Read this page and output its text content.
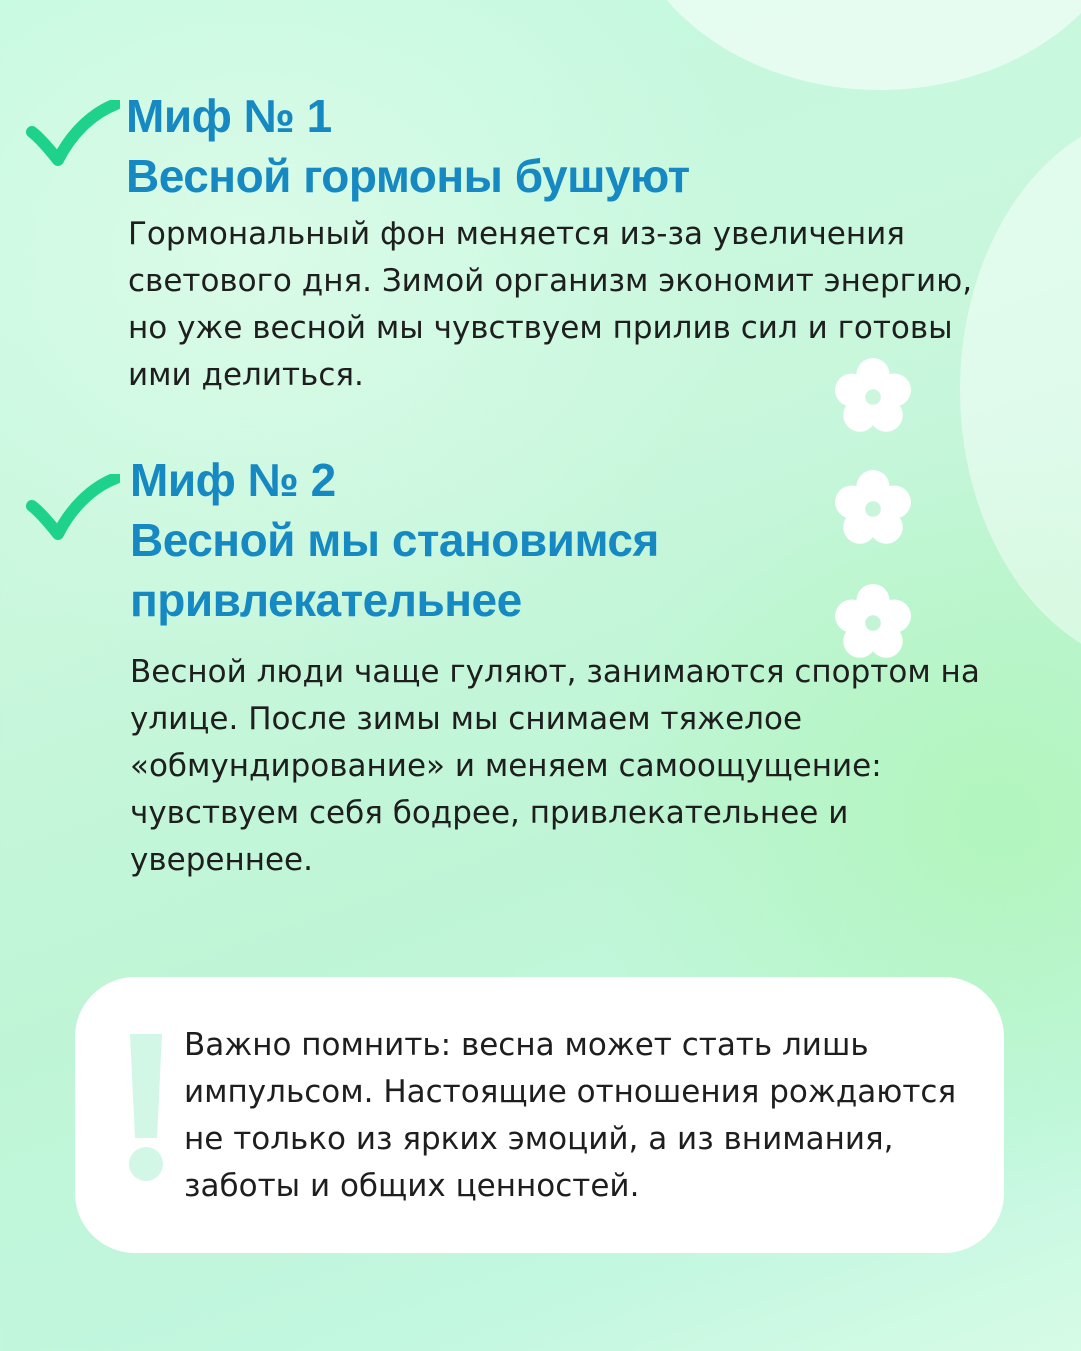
Миф № 1
Весной гормоны бушуют

Гормональный фон меняется из-за увеличения светового дня. Зимой организм экономит энергию, но уже весной мы чувствуем прилив сил и готовы ими делиться.

Миф № 2
Весной мы становимся
привлекательнее

Весной люди чаще гуляют, занимаются спортом на улице. После зимы мы снимаем тяжелое «обмундирование» и меняем самоощущение: чувствуем себя бодрее, привлекательнее и увереннее.

Важно помнить: весна может стать лишь импульсом. Настоящие отношения рождаются не только из ярких эмоций, а из внимания, заботы и общих ценностей.
